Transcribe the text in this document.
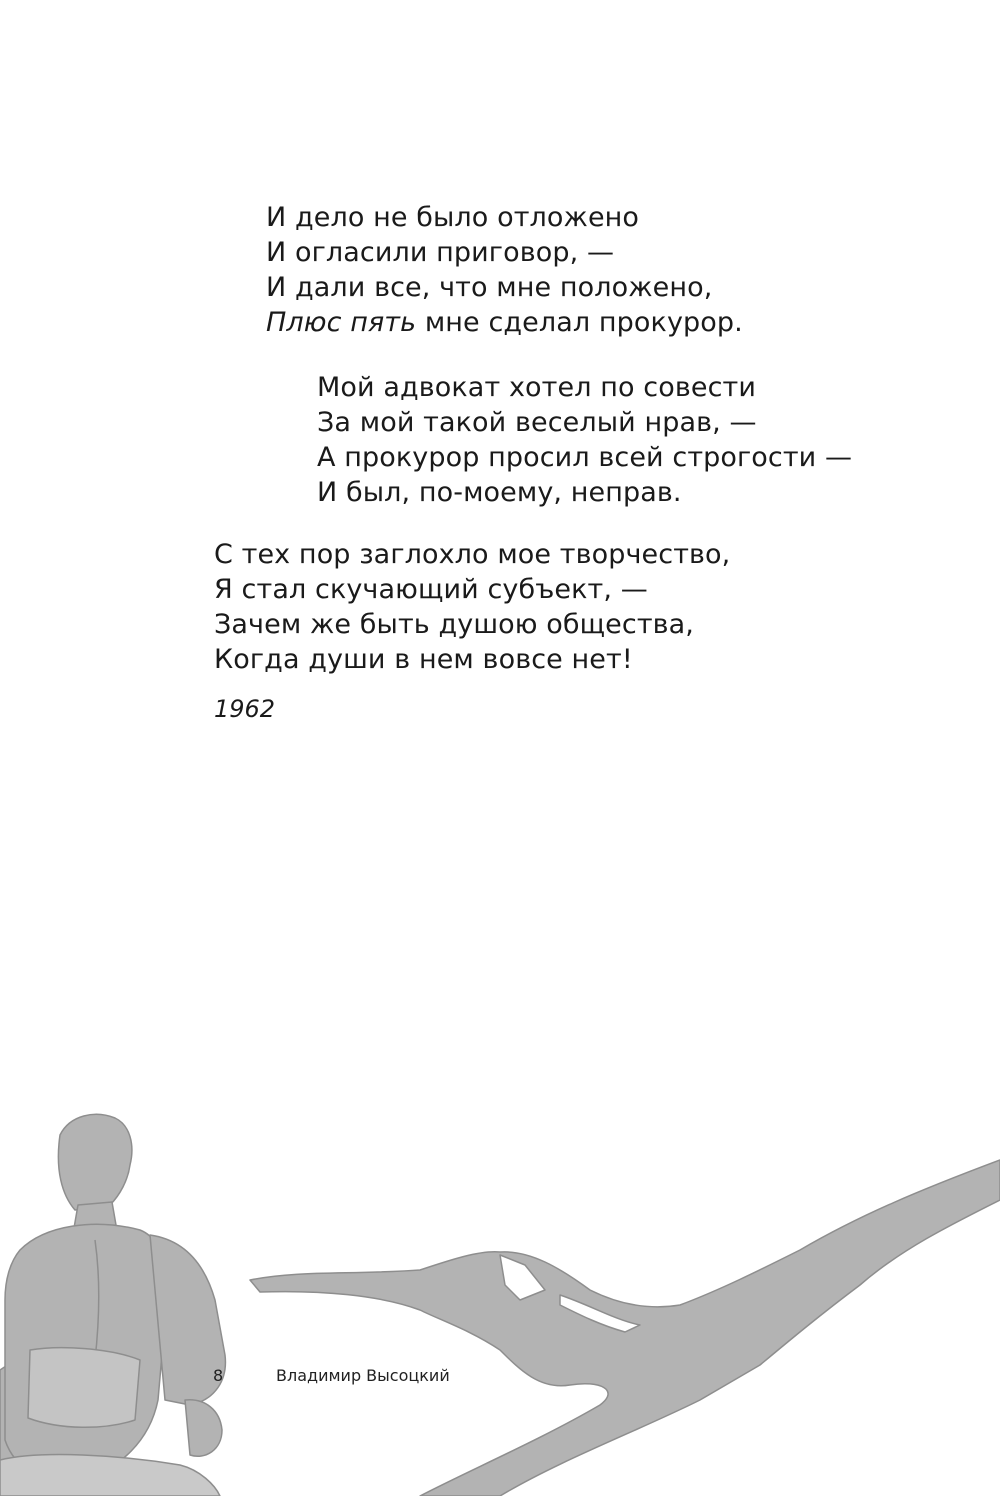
И дело не было отложено
И огласили приговор, —
И дали все, что мне положено,
Плюс пять мне сделал прокурор.
Мой адвокат хотел по совести
За мой такой веселый нрав, —
А прокурор просил всей строгости —
И был, по-моему, неправ.
С тех пор заглохло мое творчество,
Я стал скучающий субъект, —
Зачем же быть душою общества,
Когда души в нем вовсе нет!
1962
8	Владимир Высоцкий
